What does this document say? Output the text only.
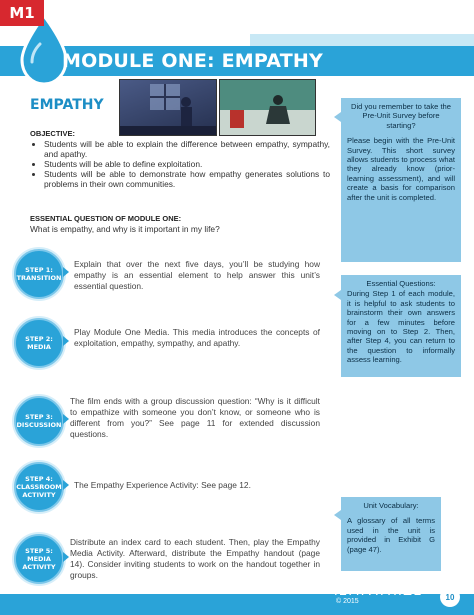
M1
MODULE ONE: EMPATHY
EMPATHY
OBJECTIVE:
• Students will be able to explain the difference between empathy, sympathy, and apathy.
• Students will be able to define exploitation.
• Students will be able to demonstrate how empathy generates solutions to problems in their own communities.
ESSENTIAL QUESTION OF MODULE ONE:
What is empathy, and why is it important in my life?
STEP 1:
TRANSITION
Explain that over the next five days, you’ll be studying how empathy is an essential element to help answer this unit’s essential question.
STEP 2:
MEDIA
Play Module One Media. This media introduces the concepts of exploitation, empathy, sympathy, and apathy.
STEP 3:
DISCUSSION
The film ends with a group discussion question: “Why is it difficult to empathize with someone you don’t know, or someone who is different from you?” See page 11 for extended discussion questions.
STEP 4:
CLASSROOM
ACTIVITY
The Empathy Experience Activity: See page 12.
STEP 5:
MEDIA
ACTIVITY
Distribute an index card to each student. Then, play the Empathy Media Activity. Afterward, distribute the Empathy handout (page 14). Consider inviting students to work on the handout together in groups.
Did you remember to take the Pre-Unit Survey before starting?
Please begin with the Pre-Unit Survey. This short survey allows students to process what they already know (prior-learning assessment), and will create a basis for comparison after the unit is completed.
Essential Questions:
During Step 1 of each module, it is helpful to ask students to brainstorm their own answers for a few minutes before moving on to Step 2. Then, after Step 4, you can return to the question to informally assess learning.
Unit Vocabulary:
A glossary of all terms used in the unit is provided in Exhibit G (page 47).
iEMPATHIZE
© 2015	10
